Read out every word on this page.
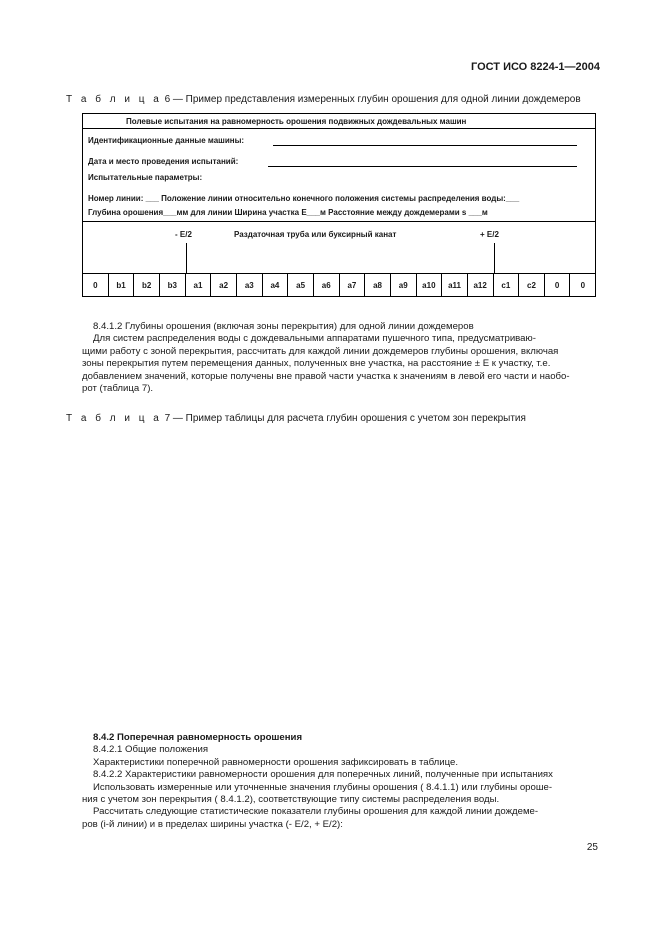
ГОСТ ИСО 8224-1—2004
Т а б л и ц а 6 — Пример представления измеренных глубин орошения для одной линии дождемеров
Полевые испытания на равномерность орошения подвижных дождевальных машин
Идентификационные данные машины:
Дата и место проведения испытаний:
Испытательные параметры:
Номер линии: ___ Положение линии относительно конечного положения системы распределения воды:___
Глубина орошения___мм для линии Ширина участка E___м Расстояние между дождемерами s ___м
- E/2	Раздаточная труба или буксирный канат	+ E/2
0	b1	b2	b3	a1	a2	a3	a4	a5	a6	a7	a8	a9	a10	a11	a12	c1	c2	0	0

8.4.1.2 Глубины орошения (включая зоны перекрытия) для одной линии дождемеров

Для систем распределения воды с дождевальными аппаратами пушечного типа, предусматриваю-

щими работу с зоной перекрытия, рассчитать для каждой линии дождемеров глубины орошения, включая

зоны перекрытия путем перемещения данных, полученных вне участка, на расстояние ± E к участку, т.е.

добавлением значений, которые получены вне правой части участка к значениям в левой его части и наобо-

рот (таблица 7).

Т а б л и ц а 7 — Пример таблицы для расчета глубин орошения с учетом зон перекрытия

8.4.2 Поперечная равномерность орошения

8.4.2.1 Общие положения

Характеристики поперечной равномерности орошения зафиксировать в таблице.

8.4.2.2 Характеристики равномерности орошения для поперечных линий, полученные при испытаниях

Использовать измеренные или уточненные значения глубины орошения ( 8.4.1.1) или глубины ороше-

ния с учетом зон перекрытия ( 8.4.1.2), соответствующие типу системы распределения воды.

Рассчитать следующие статистические показатели глубины орошения для каждой линии дождеме-

ров (i-й линии) и в пределах ширины участка (- E/2, + E/2):

25
